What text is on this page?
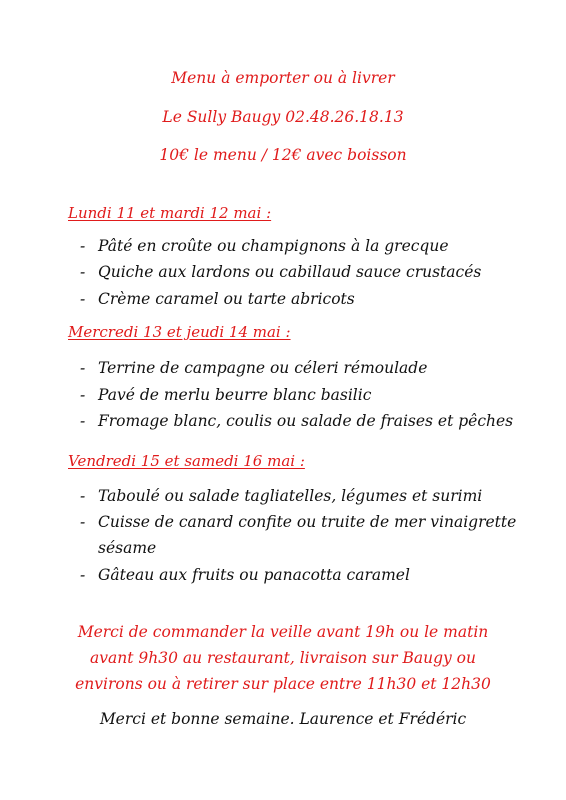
Menu à emporter ou à livrer

Le Sully Baugy 02.48.26.18.13

10€ le menu / 12€ avec boisson

Lundi 11 et mardi 12 mai :

- Pâté en croûte ou champignons à la grecque

- Quiche aux lardons ou cabillaud sauce crustacés

- Crème caramel ou tarte abricots

Mercredi 13 et jeudi 14 mai :

- Terrine de campagne ou céleri rémoulade

- Pavé de merlu beurre blanc basilic

- Fromage blanc, coulis ou salade de fraises et pêches

Vendredi 15 et samedi 16 mai :

- Taboulé ou salade tagliatelles, légumes et surimi

- Cuisse de canard confite ou truite de mer vinaigrette

sésame

- Gâteau aux fruits ou panacotta caramel

Merci de commander la veille avant 19h ou le matin
avant 9h30 au restaurant, livraison sur Baugy ou
environs ou à retirer sur place entre 11h30 et 12h30

Merci et bonne semaine. Laurence et Frédéric
